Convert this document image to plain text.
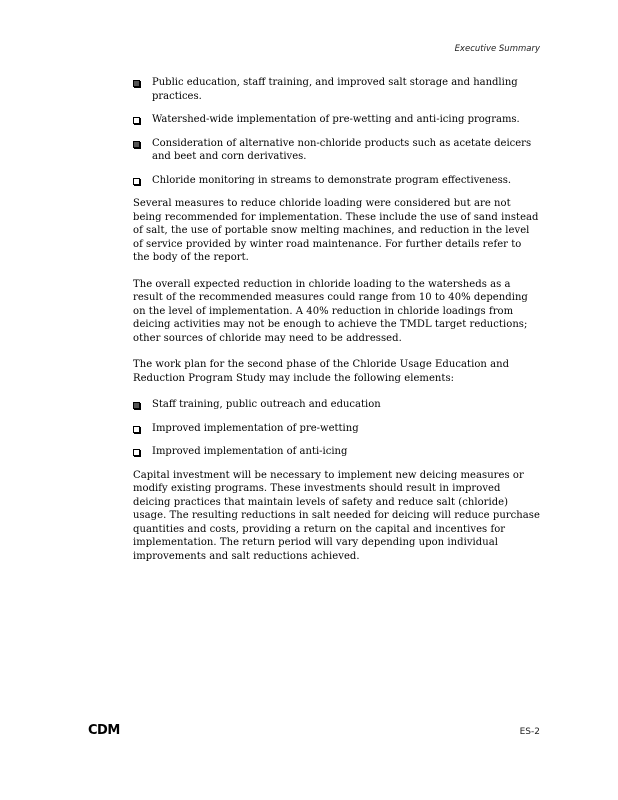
Executive Summary
Public education, staff training, and improved salt storage and handling practices.
Watershed-wide implementation of pre-wetting and anti-icing programs.
Consideration of alternative non-chloride products such as acetate deicers and beet and corn derivatives.
Chloride monitoring in streams to demonstrate program effectiveness.

Several measures to reduce chloride loading were considered but are not being recommended for implementation. These include the use of sand instead of salt, the use of portable snow melting machines, and reduction in the level of service provided by winter road maintenance. For further details refer to the body of the report.

The overall expected reduction in chloride loading to the watersheds as a result of the recommended measures could range from 10 to 40% depending on the level of implementation. A 40% reduction in chloride loadings from deicing activities may not be enough to achieve the TMDL target reductions; other sources of chloride may need to be addressed.

The work plan for the second phase of the Chloride Usage Education and Reduction Program Study may include the following elements:

Staff training, public outreach and education
Improved implementation of pre-wetting
Improved implementation of anti-icing

Capital investment will be necessary to implement new deicing measures or modify existing programs. These investments should result in improved deicing practices that maintain levels of safety and reduce salt (chloride) usage. The resulting reductions in salt needed for deicing will reduce purchase quantities and costs, providing a return on the capital and incentives for implementation. The return period will vary depending upon individual improvements and salt reductions achieved.

CDM	ES-2
